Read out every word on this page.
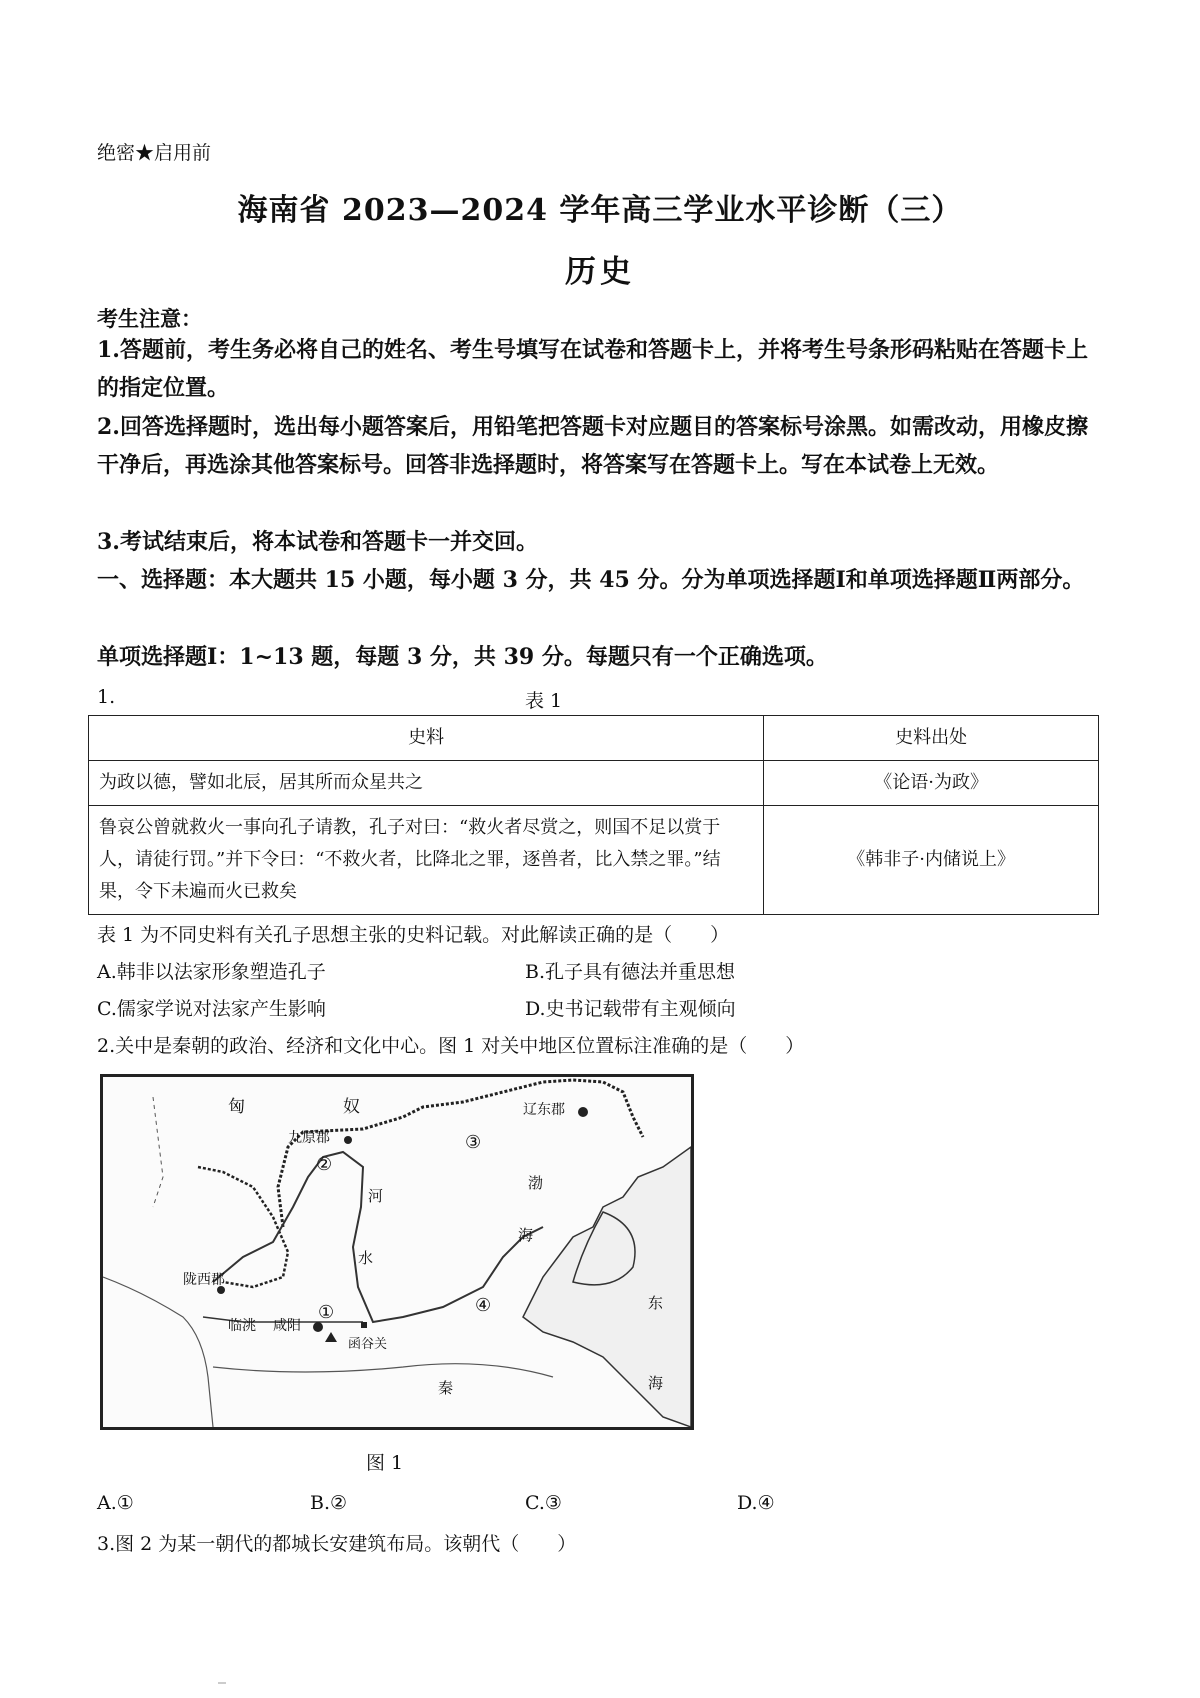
绝密★启用前
海南省 2023—2024 学年高三学业水平诊断（三）
历史
考生注意：

1.答题前，考生务必将自己的姓名、考生号填写在试卷和答题卡上，并将考生号条形码粘贴在答题卡上的指定位置。

2.回答选择题时，选出每小题答案后，用铅笔把答题卡对应题目的答案标号涂黑。如需改动，用橡皮擦干净后，再选涂其他答案标号。回答非选择题时，将答案写在答题卡上。写在本试卷上无效。

3.考试结束后，将本试卷和答题卡一并交回。

一、选择题：本大题共 15 小题，每小题 3 分，共 45 分。分为单项选择题Ⅰ和单项选择题Ⅱ两部分。
单项选择题Ⅰ：1~13 题，每题 3 分，共 39 分。每题只有一个正确选项。
1.	表 1
史料	史料出处
为政以德，譬如北辰，居其所而众星共之	《论语·为政》
鲁哀公曾就救火一事向孔子请教，孔子对曰：“救火者尽赏之，则国不足以赏于人，请徒行罚。”并下令曰：“不救火者，比降北之罪，逐兽者，比入禁之罪。”结果，令下未遍而火已救矣	《韩非子·内储说上》
表 1 为不同史料有关孔子思想主张的史料记载。对此解读正确的是（　　）
A.韩非以法家形象塑造孔子	B.孔子具有德法并重思想
C.儒家学说对法家产生影响	D.史书记载带有主观倾向
2.关中是秦朝的政治、经济和文化中心。图 1 对关中地区位置标注准确的是（　　）
匈	奴	辽东郡
九原郡
陇西郡
临洮 咸阳
函谷关
河
水
渤
海
东
海
秦
①
②
③
④
图 1
A.①	B.②	C.③	D.④
3.图 2 为某一朝代的都城长安建筑布局。该朝代（　　）
